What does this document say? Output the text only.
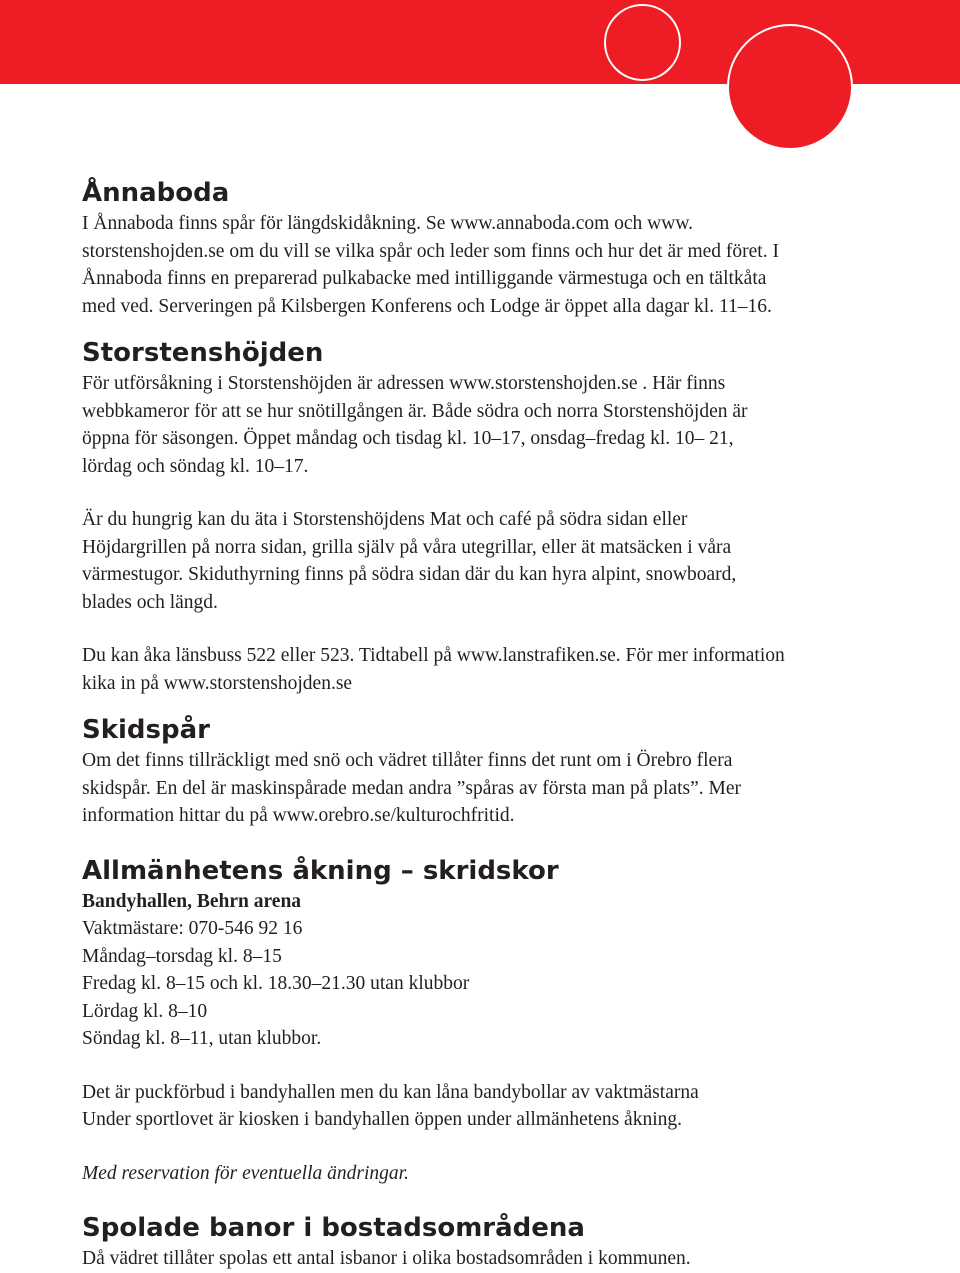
Ånnaboda

I Ånnaboda finns spår för längdskidåkning. Se www.annaboda.com och www.

storstenshojden.se om du vill se vilka spår och leder som finns och hur det är med föret. I

Ånnaboda finns en preparerad pulkabacke med intilliggande värmestuga och en tältkåta

med ved. Serveringen på Kilsbergen Konferens och Lodge är öppet alla dagar kl. 11–16.

Storstenshöjden

För utförsåkning i Storstenshöjden är adressen www.storstenshojden.se . Här finns

webbkameror för att se hur snötillgången är. Både södra och norra Storstenshöjden är

öppna för säsongen. Öppet måndag och tisdag kl. 10–17, onsdag–fredag kl. 10– 21,

lördag och söndag kl. 10–17.

Är du hungrig kan du äta i Storstenshöjdens Mat och café på södra sidan eller

Höjdargrillen på norra sidan, grilla själv på våra utegrillar, eller ät matsäcken i våra

värmestugor. Skiduthyrning finns på södra sidan där du kan hyra alpint, snowboard,

blades och längd.

Du kan åka länsbuss 522 eller 523. Tidtabell på www.lanstrafiken.se. För mer information

kika in på www.storstenshojden.se

Skidspår

Om det finns tillräckligt med snö och vädret tillåter finns det runt om i Örebro flera

skidspår. En del är maskinspårade medan andra ”spåras av första man på plats”. Mer

information hittar du på www.orebro.se/kulturochfritid.

Allmänhetens åkning – skridskor

Bandyhallen, Behrn arena

Vaktmästare: 070-546 92 16

Måndag–torsdag kl. 8–15

Fredag kl. 8–15 och kl. 18.30–21.30 utan klubbor

Lördag kl. 8–10

Söndag kl. 8–11, utan klubbor.

Det är puckförbud i bandyhallen men du kan låna bandybollar av vaktmästarna

Under sportlovet är kiosken i bandyhallen öppen under allmänhetens åkning.

Med reservation för eventuella ändringar.

Spolade banor i bostadsområdena

Då vädret tillåter spolas ett antal isbanor i olika bostadsområden i kommunen.
